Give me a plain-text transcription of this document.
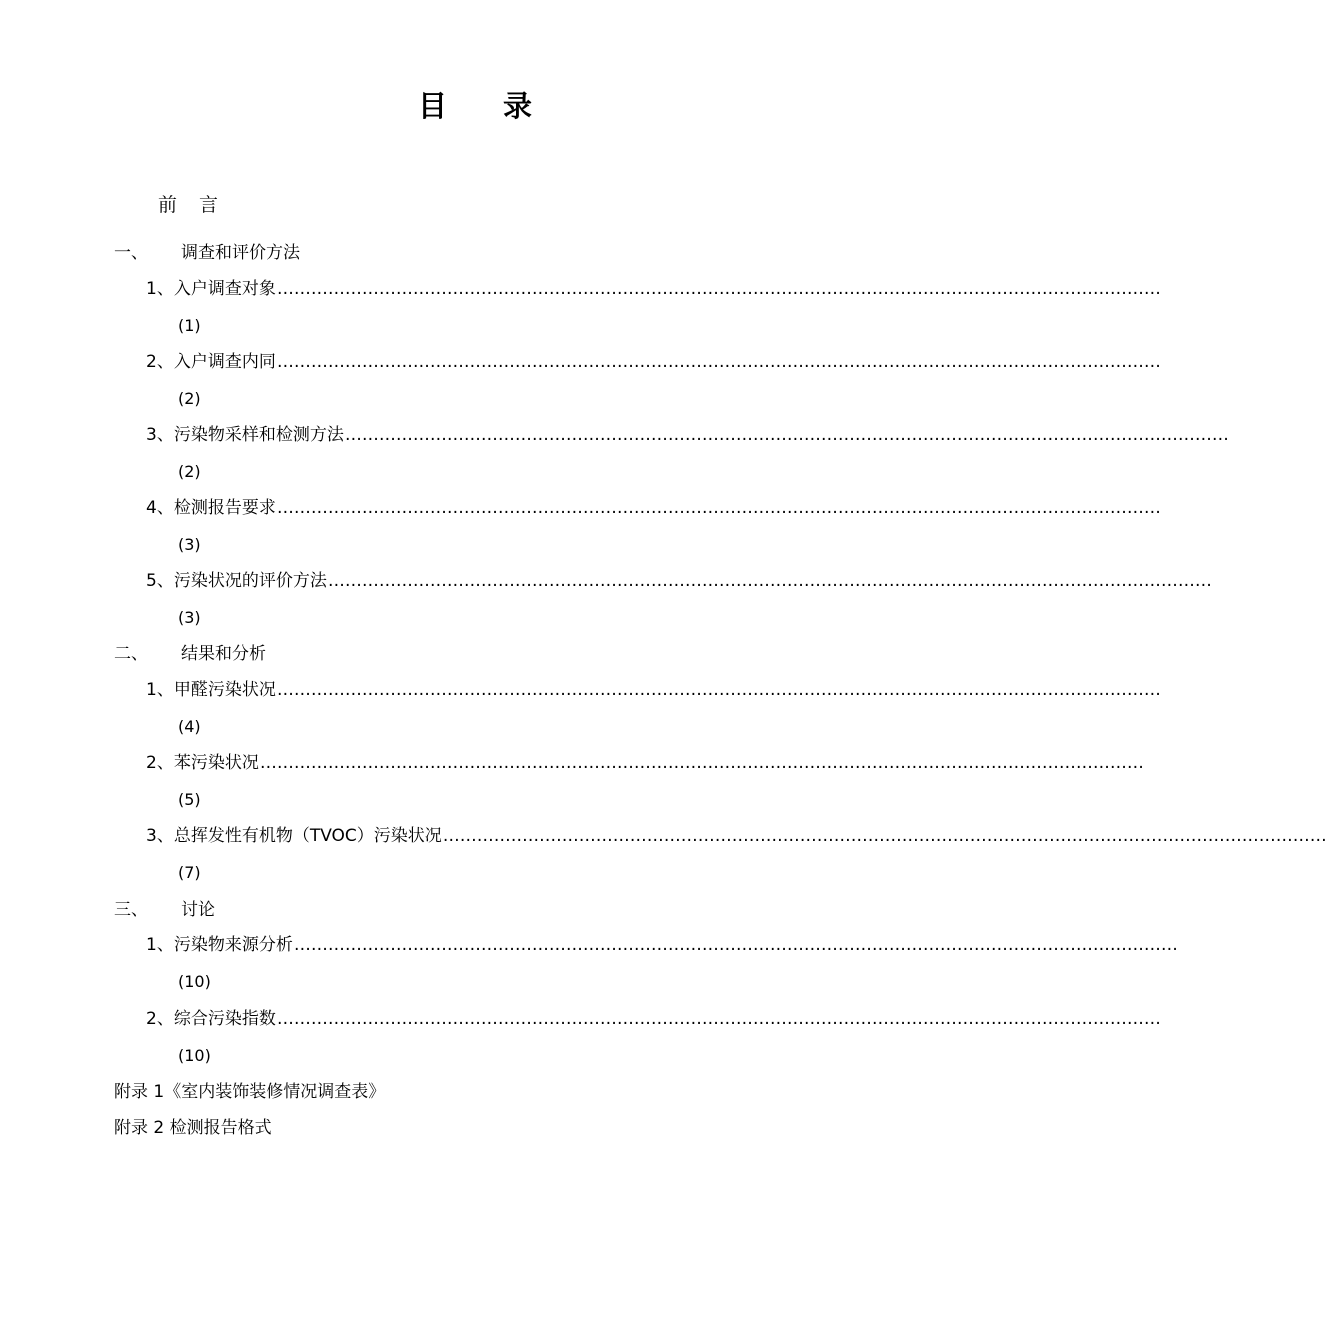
目 录
前 言
一、 调查和评价方法
1、 入户调查对象 …………………………………………………………………………………………………………………………………………
(1)
2、 入户调查内同 …………………………………………………………………………………………………………………………………………
(2)
3、 污染物采样和检测方法 …………………………………………………………………………………………………………………………………………
(2)
4、 检测报告要求 …………………………………………………………………………………………………………………………………………
(3)
5、 污染状况的评价方法 …………………………………………………………………………………………………………………………………………
(3)
二、 结果和分析
1、 甲醛污染状况 …………………………………………………………………………………………………………………………………………
(4)
2、 苯污染状况 …………………………………………………………………………………………………………………………………………
(5)
3、 总挥发性有机物（TVOC）污染状况 …………………………………………………………………………………………………………………………………………
(7)
三、 讨论
1、 污染物来源分析 …………………………………………………………………………………………………………………………………………
(10)
2、 综合污染指数 …………………………………………………………………………………………………………………………………………
(10)
附录 1《室内装饰装修情况调查表》
附录 2 检测报告格式
